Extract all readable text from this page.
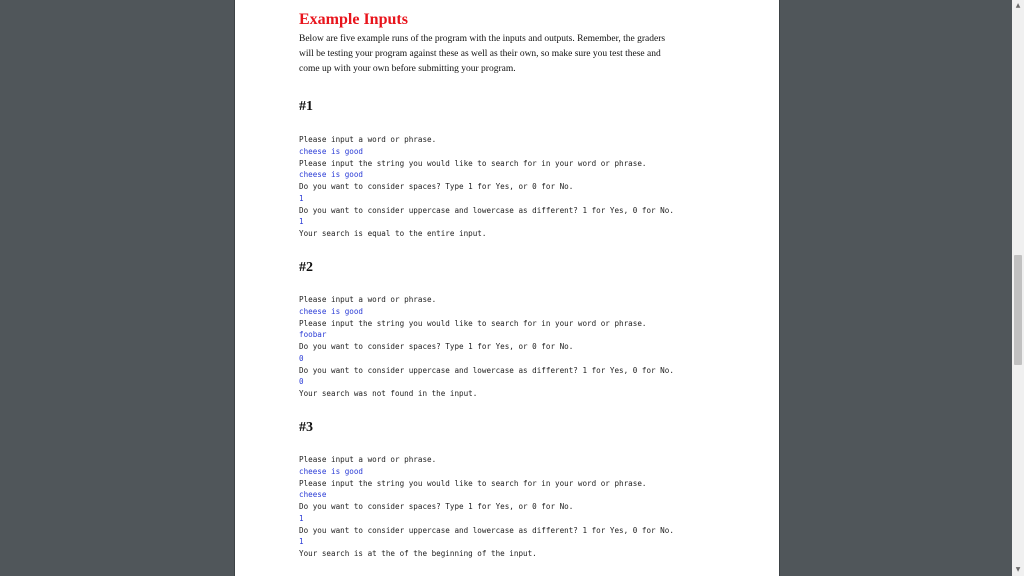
Example Inputs

Below are five example runs of the program with the inputs and outputs. Remember, the graders
will be testing your program against these as well as their own, so make sure you test these and
come up with your own before submitting your program.

#1
Please input a word or phrase.
cheese is good
Please input the string you would like to search for in your word or phrase.
cheese is good
Do you want to consider spaces? Type 1 for Yes, or 0 for No.
1
Do you want to consider uppercase and lowercase as different? 1 for Yes, 0 for No.
1
Your search is equal to the entire input.
#2
Please input a word or phrase.
cheese is good
Please input the string you would like to search for in your word or phrase.
foobar
Do you want to consider spaces? Type 1 for Yes, or 0 for No.
0
Do you want to consider uppercase and lowercase as different? 1 for Yes, 0 for No.
0
Your search was not found in the input.
#3
Please input a word or phrase.
cheese is good
Please input the string you would like to search for in your word or phrase.
cheese
Do you want to consider spaces? Type 1 for Yes, or 0 for No.
1
Do you want to consider uppercase and lowercase as different? 1 for Yes, 0 for No.
1
Your search is at the of the beginning of the input.
▲
▼
